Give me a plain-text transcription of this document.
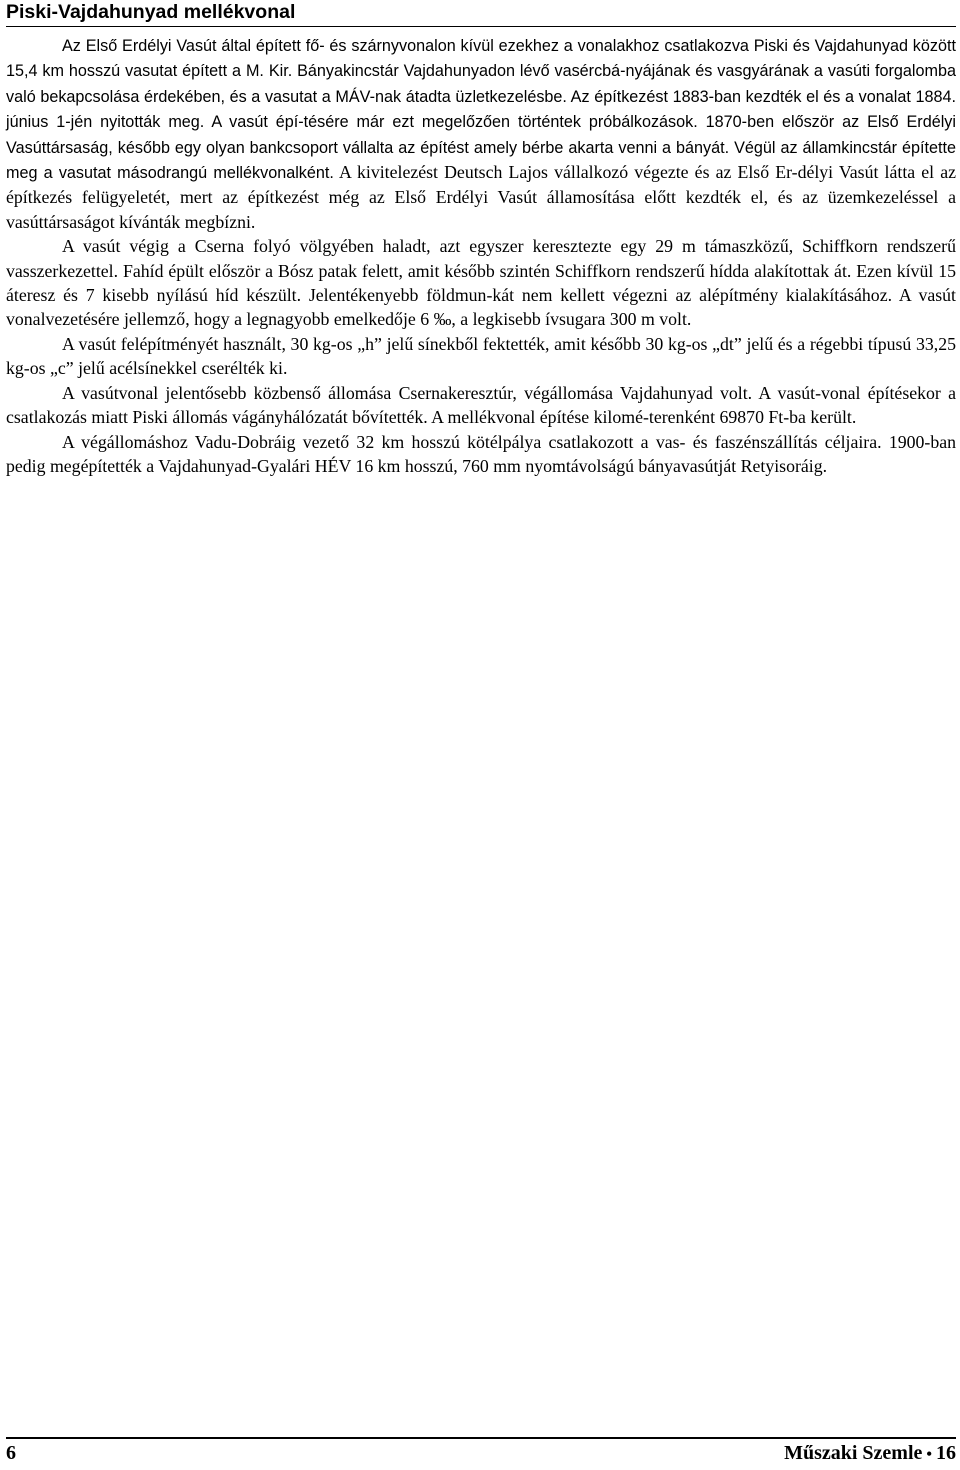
Piski-Vajdahunyad mellékvonal

Az Első Erdélyi Vasút által épített fő- és szárnyvonalon kívül ezekhez a vonalakhoz csatlakozva Piski és Vajdahunyad között 15,4 km hosszú vasutat épített a M. Kir. Bányakincstár Vajdahunyadon lévő vasércbá-nyájának és vasgyárának a vasúti forgalomba való bekapcsolása érdekében, és a vasutat a MÁV-nak átadta üzletkezelésbe. Az építkezést 1883-ban kezdték el és a vonalat 1884. június 1-jén nyitották meg. A vasút épí-tésére már ezt megelőzően történtek próbálkozások. 1870-ben először az Első Erdélyi Vasúttársaság, később egy olyan bankcsoport vállalta az építést amely bérbe akarta venni a bányát. Végül az államkincstár építette meg a vasutat másodrangú mellékvonalként. A kivitelezést Deutsch Lajos vállalkozó végezte és az Első Er-délyi Vasút látta el az építkezés felügyeletét, mert az építkezést még az Első Erdélyi Vasút államosítása előtt kezdték el, és az üzemkezeléssel a vasúttársaságot kívánták megbízni.

A vasút végig a Cserna folyó völgyében haladt, azt egyszer keresztezte egy 29 m támaszközű, Schiffkorn rendszerű vasszerkezettel. Fahíd épült először a Bósz patak felett, amit később szintén Schiffkorn rendszerű hídda alakítottak át. Ezen kívül 15 áteresz és 7 kisebb nyílású híd készült. Jelentékenyebb földmun-kát nem kellett végezni az alépítmény kialakításához. A vasút vonalvezetésére jellemző, hogy a legnagyobb emelkedője 6 ‰, a legkisebb ívsugara 300 m volt.

A vasút felépítményét használt, 30 kg-os „h” jelű sínekből fektették, amit később 30 kg-os „dt” jelű és a régebbi típusú 33,25 kg-os „c” jelű acélsínekkel cserélték ki.

A vasútvonal jelentősebb közbenső állomása Csernakeresztúr, végállomása Vajdahunyad volt. A vasút-vonal építésekor a csatlakozás miatt Piski állomás vágányhálózatát bővítették. A mellékvonal építése kilomé-terenként 69870 Ft-ba került.

A végállomáshoz Vadu-Dobráig vezető 32 km hosszú kötélpálya csatlakozott a vas- és faszénszállítás céljaira. 1900-ban pedig megépítették a Vajdahunyad-Gyalári HÉV 16 km hosszú, 760 mm nyomtávolságú bányavasútját Retyisoráig.

6	Műszaki Szemle • 16
